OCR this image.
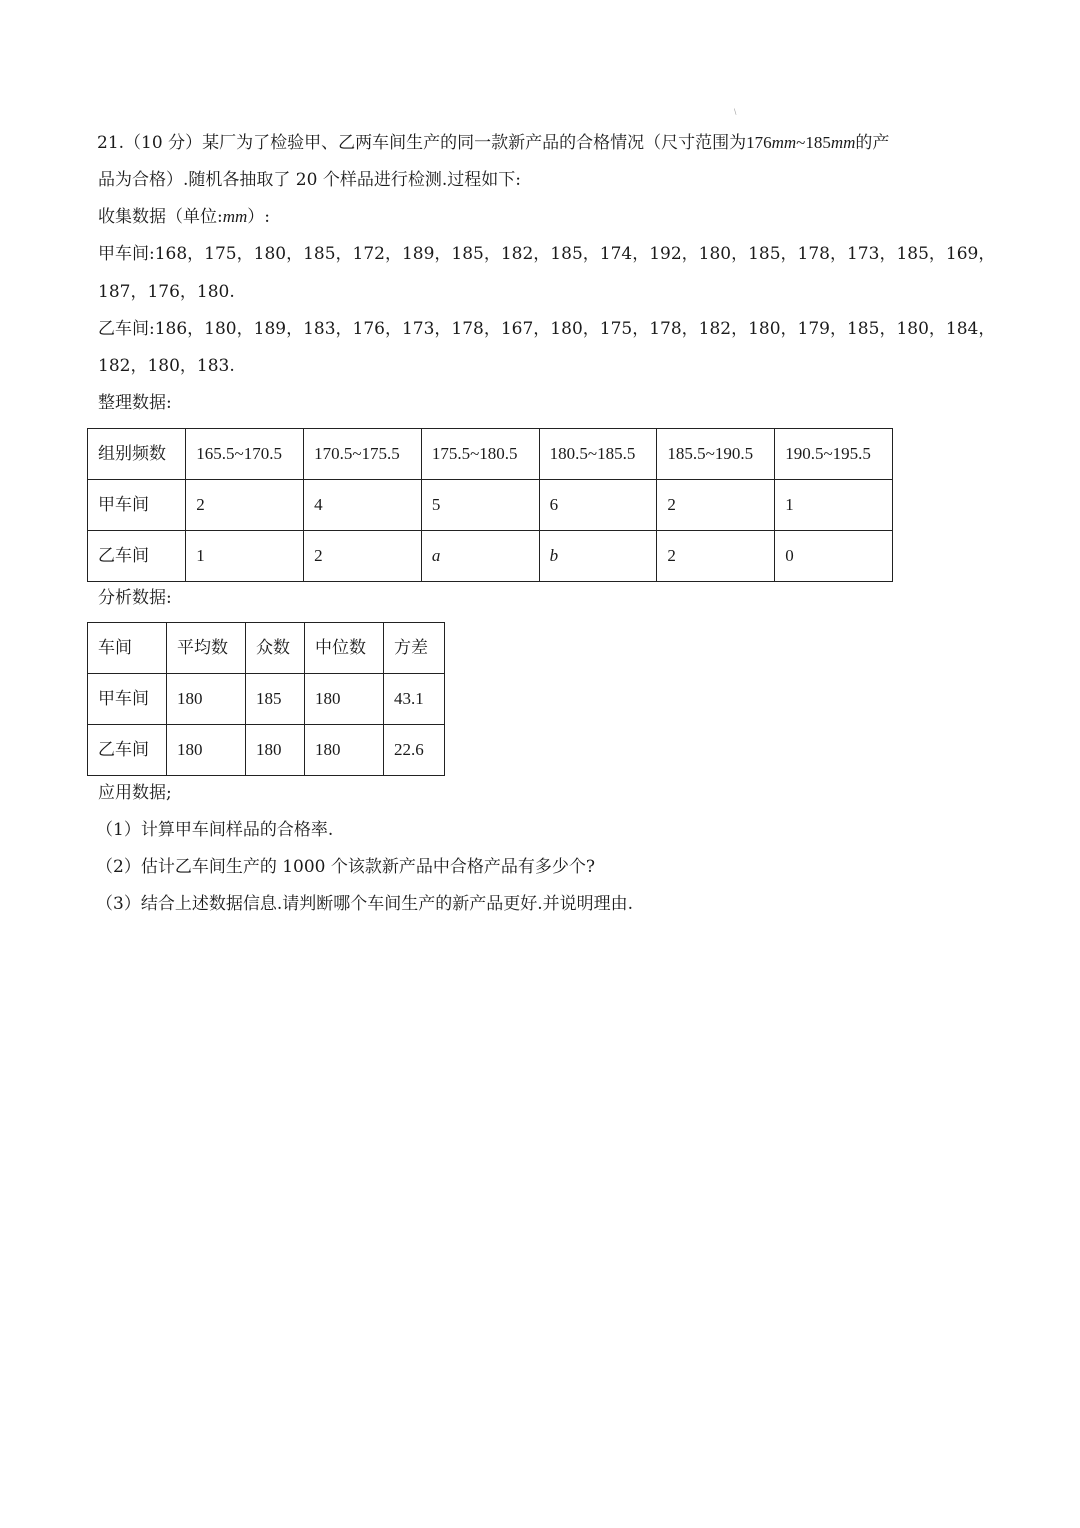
\
21.（10 分）某厂为了检验甲、乙两车间生产的同一款新产品的合格情况（尺寸范围为176mm~185mm的产
品为合格）.随机各抽取了 20 个样品进行检测.过程如下:
收集数据（单位:mm）:
甲车间:168，175，180，185，172，189，185，182，185，174，192，180，185，178，173，185，169，
187，176，180.
乙车间:186，180，189，183，176，173，178，167，180，175，178，182，180，179，185，180，184，
182，180，183.
整理数据:
组别频数	165.5~170.5	170.5~175.5	175.5~180.5	180.5~185.5	185.5~190.5	190.5~195.5
甲车间	2	4	5	6	2	1
乙车间	1	2	a	b	2	0
分析数据:
车间	平均数	众数	中位数	方差
甲车间	180	185	180	43.1
乙车间	180	180	180	22.6
应用数据;
（1）计算甲车间样品的合格率.
（2）估计乙车间生产的 1000 个该款新产品中合格产品有多少个?
（3）结合上述数据信息.请判断哪个车间生产的新产品更好.并说明理由.
